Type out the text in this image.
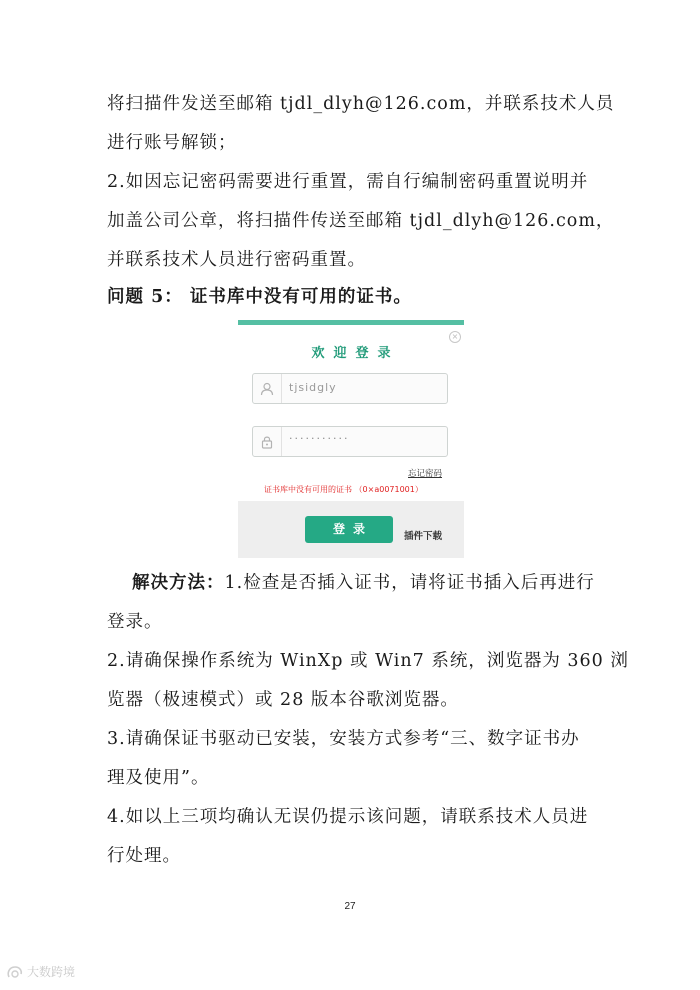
将扫描件发送至邮箱 tjdl_dlyh@126.com，并联系技术人员
进行账号解锁；
2.如因忘记密码需要进行重置，需自行编制密码重置说明并
加盖公司公章，将扫描件传送至邮箱 tjdl_dlyh@126.com，
并联系技术人员进行密码重置。
问题 5： 证书库中没有可用的证书。
×
欢迎登录
tjsidgly
···········
忘记密码
证书库中没有可用的证书 （0×a0071001）
登录
插件下载
解决方法：1.检查是否插入证书，请将证书插入后再进行
登录。
2.请确保操作系统为 WinXp 或 Win7 系统，浏览器为 360 浏
览器（极速模式）或 28 版本谷歌浏览器。
3.请确保证书驱动已安装，安装方式参考“三、数字证书办
理及使用”。
4.如以上三项均确认无误仍提示该问题，请联系技术人员进
行处理。
27
大数跨境
